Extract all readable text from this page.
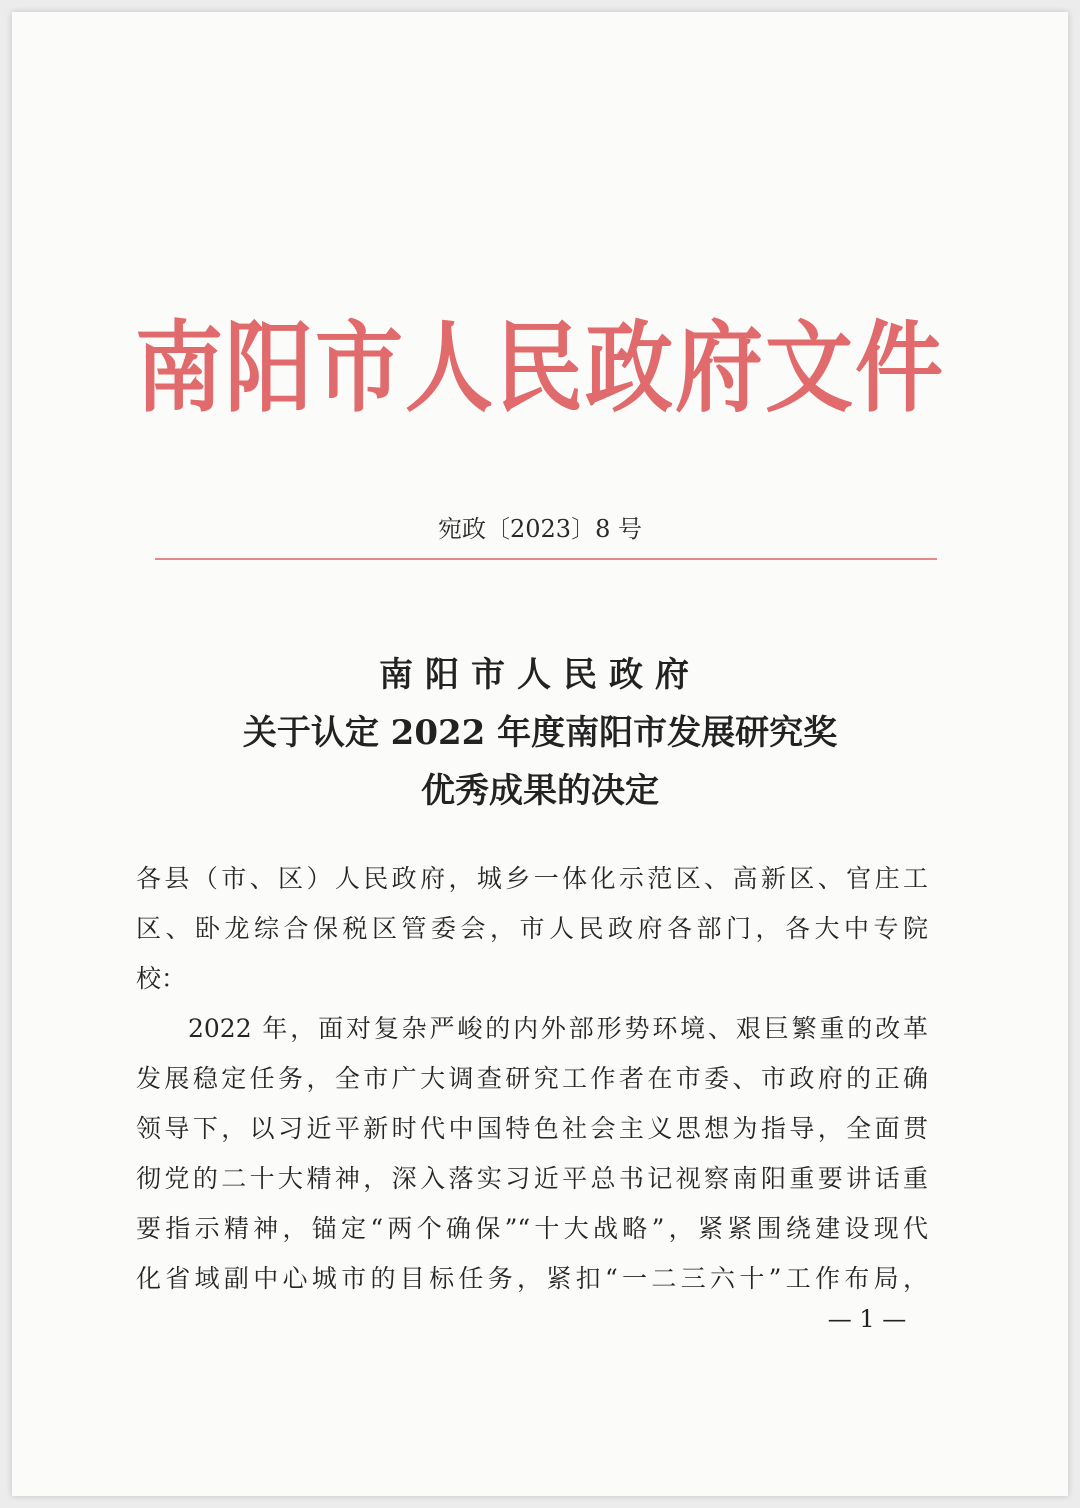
南阳市人民政府文件
宛政〔2023〕8 号
南阳市人民政府
关于认定 2022 年度南阳市发展研究奖
优秀成果的决定
各县（市、区）人民政府，城乡一体化示范区、高新区、官庄工
区、卧龙综合保税区管委会，市人民政府各部门，各大中专院
校：
2022 年，面对复杂严峻的内外部形势环境、艰巨繁重的改革
发展稳定任务，全市广大调查研究工作者在市委、市政府的正确
领导下，以习近平新时代中国特色社会主义思想为指导，全面贯
彻党的二十大精神，深入落实习近平总书记视察南阳重要讲话重
要指示精神，锚定“两个确保”“十大战略”，紧紧围绕建设现代
化省域副中心城市的目标任务，紧扣“一二三六十”工作布局，
— 1 —
